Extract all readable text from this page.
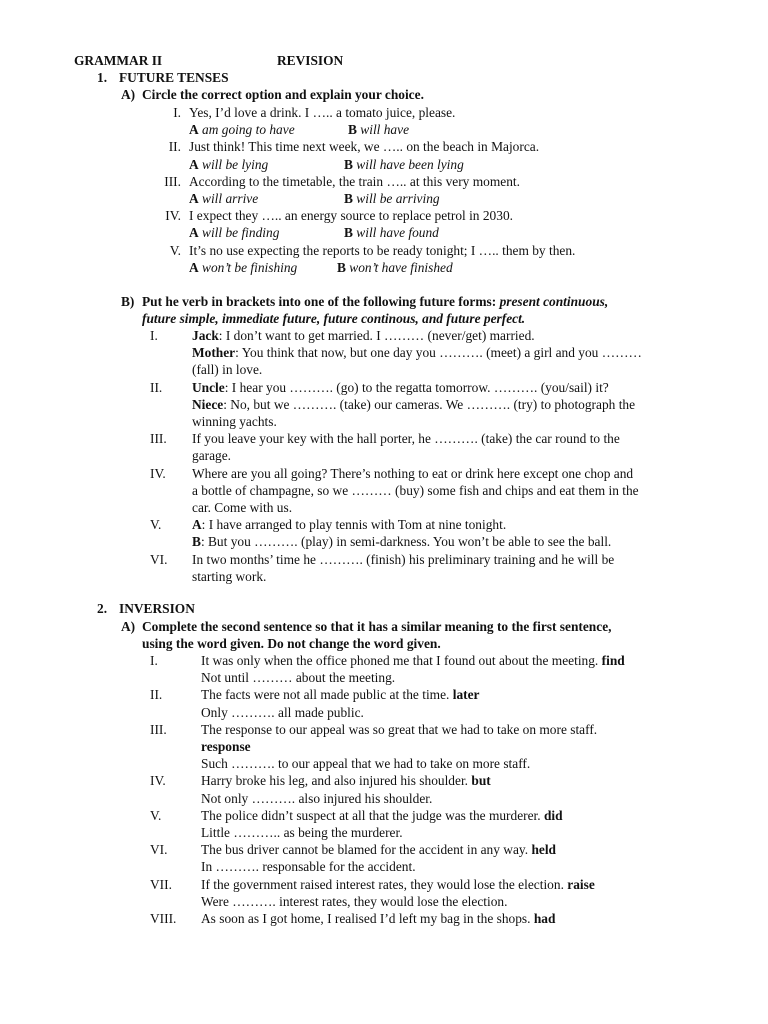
GRAMMAR II	REVISION
1. FUTURE TENSES
A) Circle the correct option and explain your choice.
I. Yes, I’d love a drink. I ….. a tomato juice, please.
A am going to have	B will have
II. Just think! This time next week, we ….. on the beach in Majorca.
A will be lying	B will have been lying
III. According to the timetable, the train ….. at this very moment.
A will arrive	B will be arriving
IV. I expect they ….. an energy source to replace petrol in 2030.
A will be finding	B will have found
V. It’s no use expecting the reports to be ready tonight; I ….. them by then.
A won’t be finishing	B won’t have finished
B) Put he verb in brackets into one of the following future forms: present continuous,
future simple, immediate future, future continous, and future perfect.
I.	Jack: I don’t want to get married. I ……… (never/get) married.
Mother: You think that now, but one day you ………. (meet) a girl and you ………
(fall) in love.
II. Uncle: I hear you ………. (go) to the regatta tomorrow. ………. (you/sail) it?
Niece: No, but we ………. (take) our cameras. We ………. (try) to photograph the
winning yachts.
III. If you leave your key with the hall porter, he ………. (take) the car round to the
garage.
IV. Where are you all going? There’s nothing to eat or drink here except one chop and
a bottle of champagne, so we ……… (buy) some fish and chips and eat them in the
car. Come with us.
V.	A: I have arranged to play tennis with Tom at nine tonight.
B: But you ………. (play) in semi-darkness. You won’t be able to see the ball.
VI. In two months’ time he ………. (finish) his preliminary training and he will be
starting work.
2. INVERSION
A) Complete the second sentence so that it has a similar meaning to the first sentence,
using the word given. Do not change the word given.
I.	It was only when the office phoned me that I found out about the meeting. find
Not until ……… about the meeting.
II.	The facts were not all made public at the time. later
Only ………. all made public.
III.	The response to our appeal was so great that we had to take on more staff.
response
Such ………. to our appeal that we had to take on more staff.
IV.	Harry broke his leg, and also injured his shoulder. but
Not only ………. also injured his shoulder.
V.	The police didn’t suspect at all that the judge was the murderer. did
Little ……….. as being the murderer.
VI.	The bus driver cannot be blamed for the accident in any way. held
In ………. responsable for the accident.
VII.	If the government raised interest rates, they would lose the election. raise
Were ………. interest rates, they would lose the election.
VIII.	As soon as I got home, I realised I’d left my bag in the shops. had
